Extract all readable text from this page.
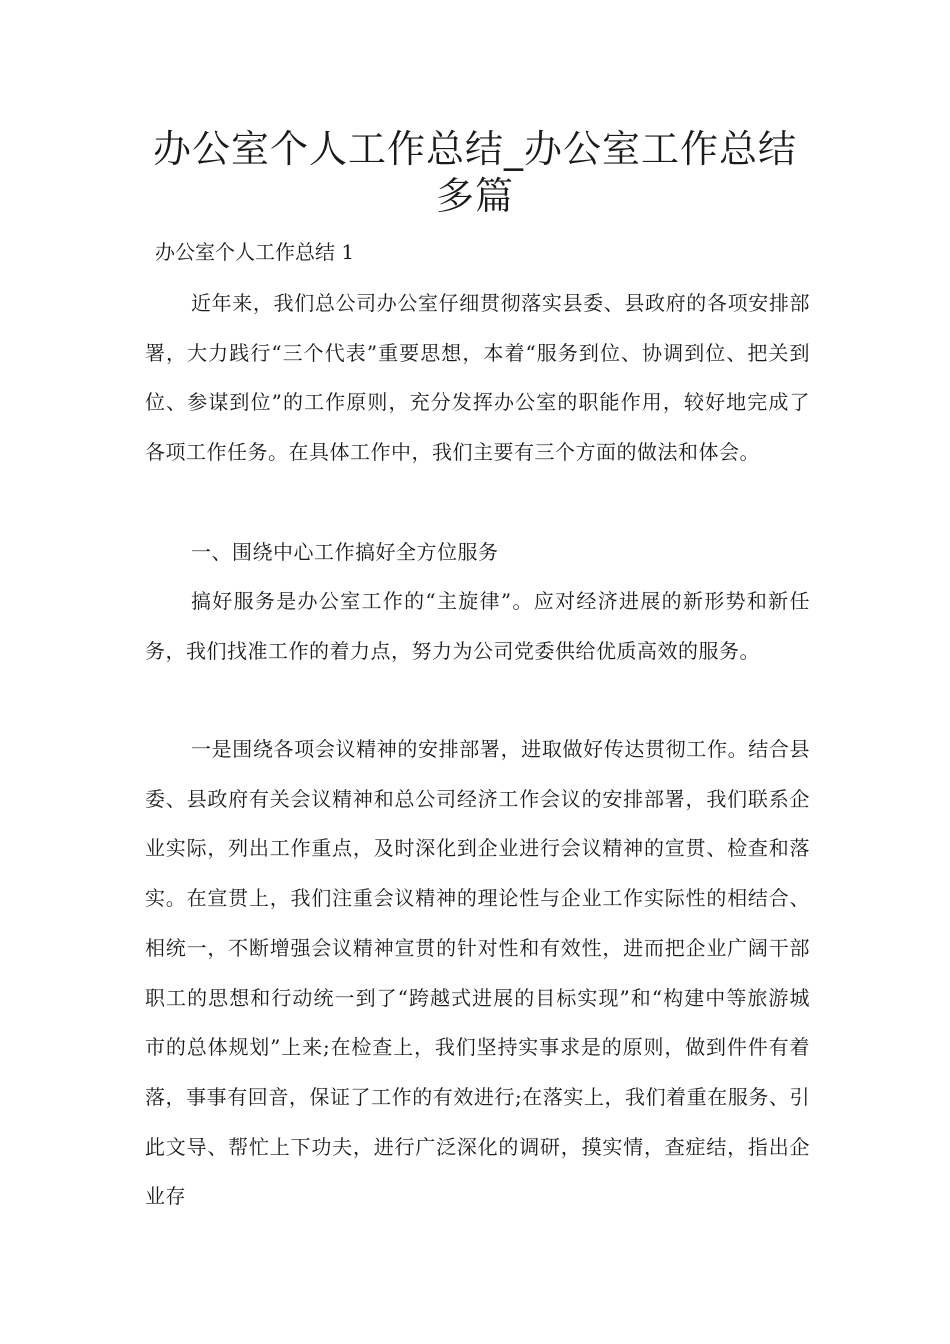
办公室个人工作总结_办公室工作总结
多篇
办公室个人工作总结 1

近年来，我们总公司办公室仔细贯彻落实县委、县政府的各项安排部署，大力践行“三个代表”重要思想，本着“服务到位、协调到位、把关到位、参谋到位”的工作原则，充分发挥办公室的职能作用，较好地完成了各项工作任务。在具体工作中，我们主要有三个方面的做法和体会。

一、围绕中心工作搞好全方位服务

搞好服务是办公室工作的“主旋律”。应对经济进展的新形势和新任务，我们找准工作的着力点，努力为公司党委供给优质高效的服务。

一是围绕各项会议精神的安排部署，进取做好传达贯彻工作。结合县委、县政府有关会议精神和总公司经济工作会议的安排部署，我们联系企业实际，列出工作重点，及时深化到企业进行会议精神的宣贯、检查和落实。在宣贯上，我们注重会议精神的理论性与企业工作实际性的相结合、相统一，不断增强会议精神宣贯的针对性和有效性，进而把企业广阔干部职工的思想和行动统一到了“跨越式进展的目标实现”和“构建中等旅游城市的总体规划”上来;在检查上，我们坚持实事求是的原则，做到件件有着落，事事有回音，保证了工作的有效进行;在落实上，我们着重在服务、引此文导、帮忙上下功夫，进行广泛深化的调研，摸实情，查症结，指出企业存
